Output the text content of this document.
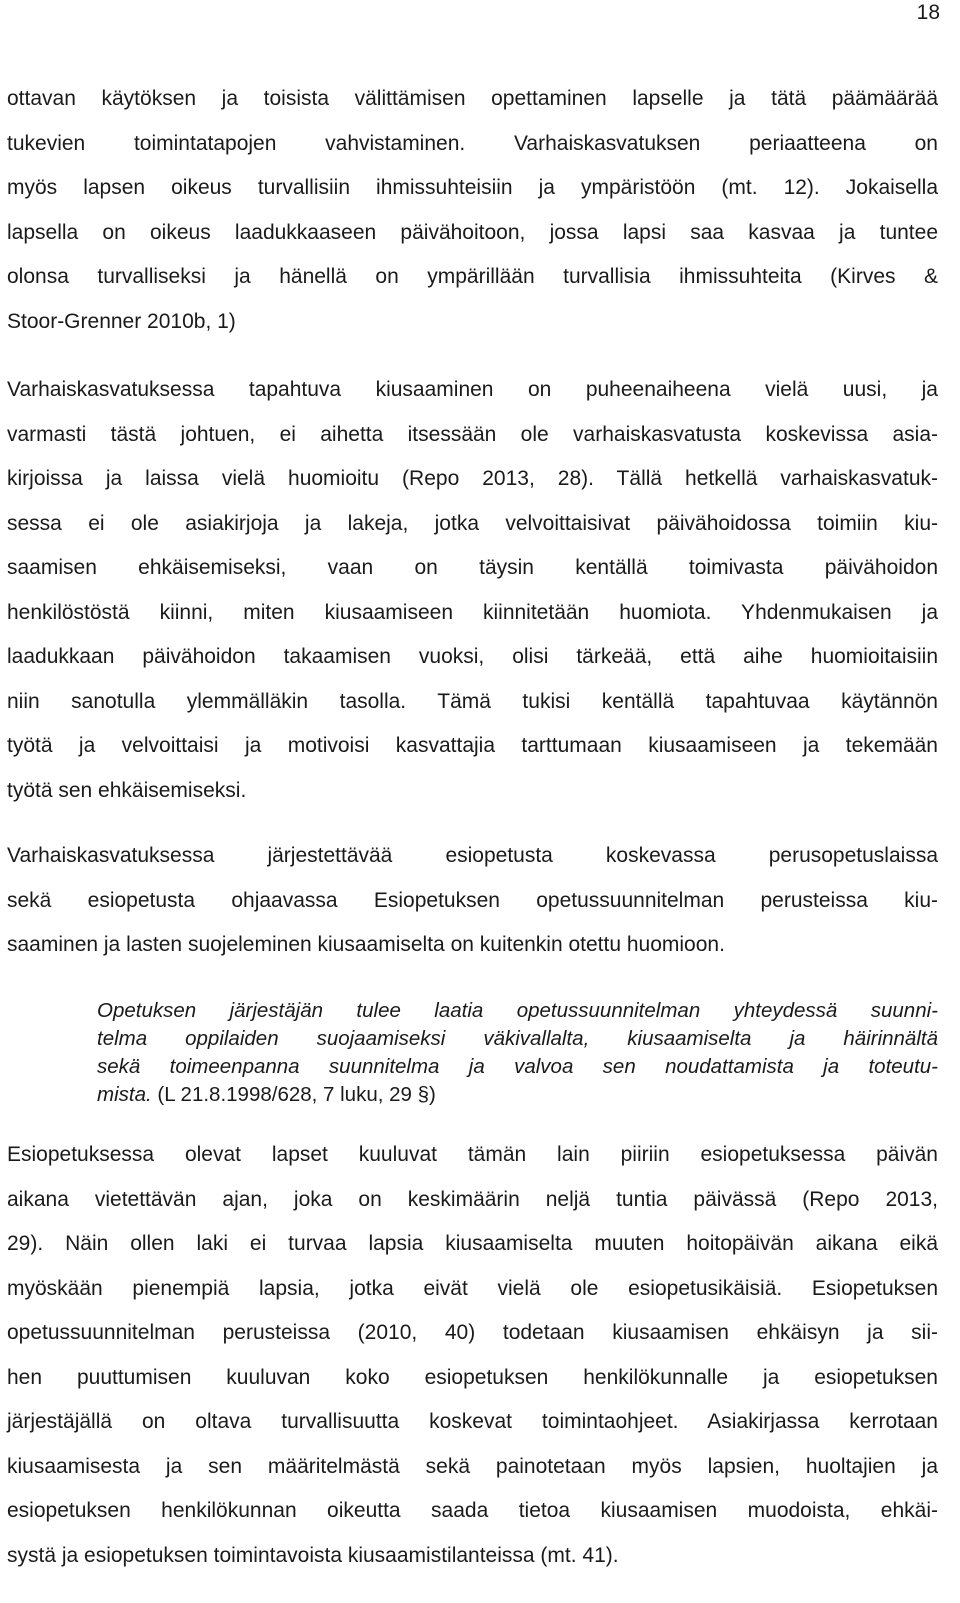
18
ottavan käytöksen ja toisista välittämisen opettaminen lapselle ja tätä päämäärää
tukevien toimintatapojen vahvistaminen. Varhaiskasvatuksen periaatteena on
myös lapsen oikeus turvallisiin ihmissuhteisiin ja ympäristöön (mt. 12). Jokaisella
lapsella on oikeus laadukkaaseen päivähoitoon, jossa lapsi saa kasvaa ja tuntee
olonsa turvalliseksi ja hänellä on ympärillään turvallisia ihmissuhteita (Kirves &
Stoor-Grenner 2010b, 1)
Varhaiskasvatuksessa tapahtuva kiusaaminen on puheenaiheena vielä uusi, ja
varmasti tästä johtuen, ei aihetta itsessään ole varhaiskasvatusta koskevissa asia-
kirjoissa ja laissa vielä huomioitu (Repo 2013, 28). Tällä hetkellä varhaiskasvatuk-
sessa ei ole asiakirjoja ja lakeja, jotka velvoittaisivat päivähoidossa toimiin kiu-
saamisen ehkäisemiseksi, vaan on täysin kentällä toimivasta päivähoidon
henkilöstöstä kiinni, miten kiusaamiseen kiinnitetään huomiota. Yhdenmukaisen ja
laadukkaan päivähoidon takaamisen vuoksi, olisi tärkeää, että aihe huomioitaisiin
niin sanotulla ylemmälläkin tasolla. Tämä tukisi kentällä tapahtuvaa käytännön
työtä ja velvoittaisi ja motivoisi kasvattajia tarttumaan kiusaamiseen ja tekemään
työtä sen ehkäisemiseksi.
Varhaiskasvatuksessa järjestettävää esiopetusta koskevassa perusopetuslaissa
sekä esiopetusta ohjaavassa Esiopetuksen opetussuunnitelman perusteissa kiu-
saaminen ja lasten suojeleminen kiusaamiselta on kuitenkin otettu huomioon.
Opetuksen järjestäjän tulee laatia opetussuunnitelman yhteydessä suunni-
telma oppilaiden suojaamiseksi väkivallalta, kiusaamiselta ja häirinnältä
sekä toimeenpanna suunnitelma ja valvoa sen noudattamista ja toteutu-
mista. (L 21.8.1998/628, 7 luku, 29 §)
Esiopetuksessa olevat lapset kuuluvat tämän lain piiriin esiopetuksessa päivän
aikana vietettävän ajan, joka on keskimäärin neljä tuntia päivässä (Repo 2013,
29). Näin ollen laki ei turvaa lapsia kiusaamiselta muuten hoitopäivän aikana eikä
myöskään pienempiä lapsia, jotka eivät vielä ole esiopetusikäisiä. Esiopetuksen
opetussuunnitelman perusteissa (2010, 40) todetaan kiusaamisen ehkäisyn ja sii-
hen puuttumisen kuuluvan koko esiopetuksen henkilökunnalle ja esiopetuksen
järjestäjällä on oltava turvallisuutta koskevat toimintaohjeet. Asiakirjassa kerrotaan
kiusaamisesta ja sen määritelmästä sekä painotetaan myös lapsien, huoltajien ja
esiopetuksen henkilökunnan oikeutta saada tietoa kiusaamisen muodoista, ehkäi-
systä ja esiopetuksen toimintavoista kiusaamistilanteissa (mt. 41).
